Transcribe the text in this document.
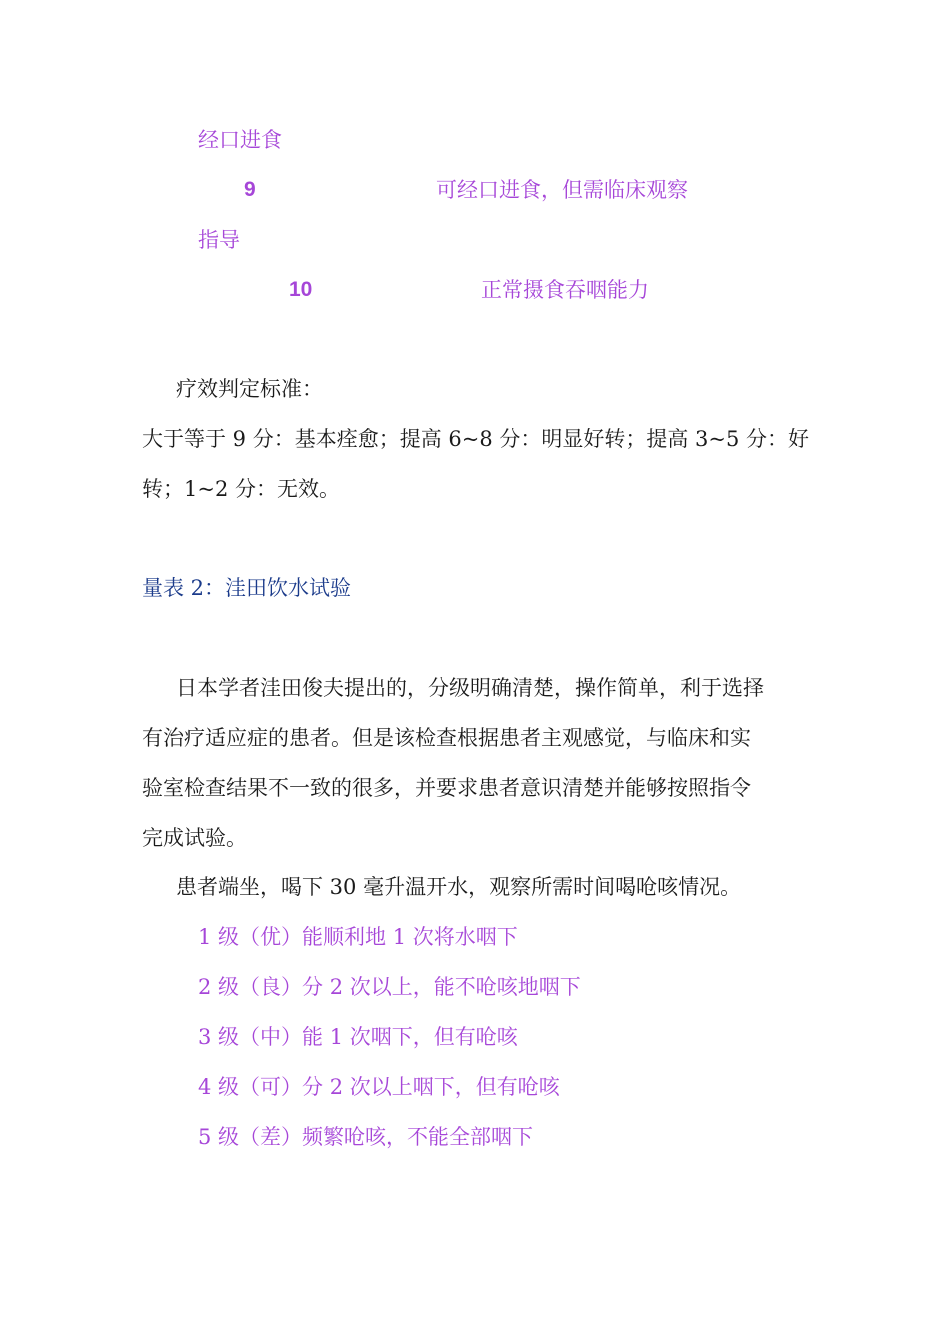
经口进食
9	可经口进食，但需临床观察
指导
10	正常摄食吞咽能力
疗效判定标准：
大于等于 9 分：基本痊愈；提高 6~8 分：明显好转；提高 3~5 分：好
转；1~2 分：无效。
量表 2：洼田饮水试验
日本学者洼田俊夫提出的，分级明确清楚，操作简单，利于选择
有治疗适应症的患者。但是该检查根据患者主观感觉，与临床和实
验室检查结果不一致的很多，并要求患者意识清楚并能够按照指令
完成试验。
患者端坐，喝下 30 毫升温开水，观察所需时间喝呛咳情况。
1 级（优）能顺利地 1 次将水咽下
2 级（良）分 2 次以上，能不呛咳地咽下
3 级（中）能 1 次咽下，但有呛咳
4 级（可）分 2 次以上咽下，但有呛咳
5 级（差）频繁呛咳，不能全部咽下
